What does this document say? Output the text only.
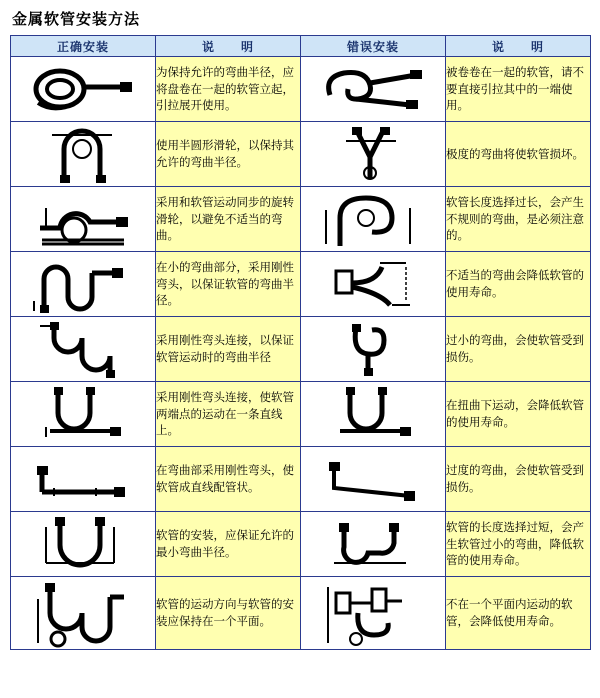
金属软管安装方法
正确安装	说　　明	错误安装	说　　明

	为保持允许的弯曲半径，应将盘卷在一起的软管立起，引拉展开使用。		被卷卷在一起的软管，请不要直接引拉其中的一端使用。

	使用半圆形滑轮，以保持其允许的弯曲半径。		极度的弯曲将使软管损坏。

	采用和软管运动同步的旋转滑轮，以避免不适当的弯曲。		软管长度选择过长，会产生不规则的弯曲，是必须注意的。

	在小的弯曲部分，采用刚性弯头，以保证软管的弯曲半径。		不适当的弯曲会降低软管的使用寿命。

	采用刚性弯头连接，以保证软管运动时的弯曲半径		过小的弯曲，会使软管受到损伤。

	采用刚性弯头连接，使软管两端点的运动在一条直线上。		在扭曲下运动，会降低软管的使用寿命。

	在弯曲部采用刚性弯头，使软管成直线配管状。		过度的弯曲，会使软管受到损伤。

	软管的安装，应保证允许的最小弯曲半径。		软管的长度选择过短，会产生软管过小的弯曲，降低软管的使用寿命。

	软管的运动方向与软管的安装应保持在一个平面。		不在一个平面内运动的软管，会降低使用寿命。
